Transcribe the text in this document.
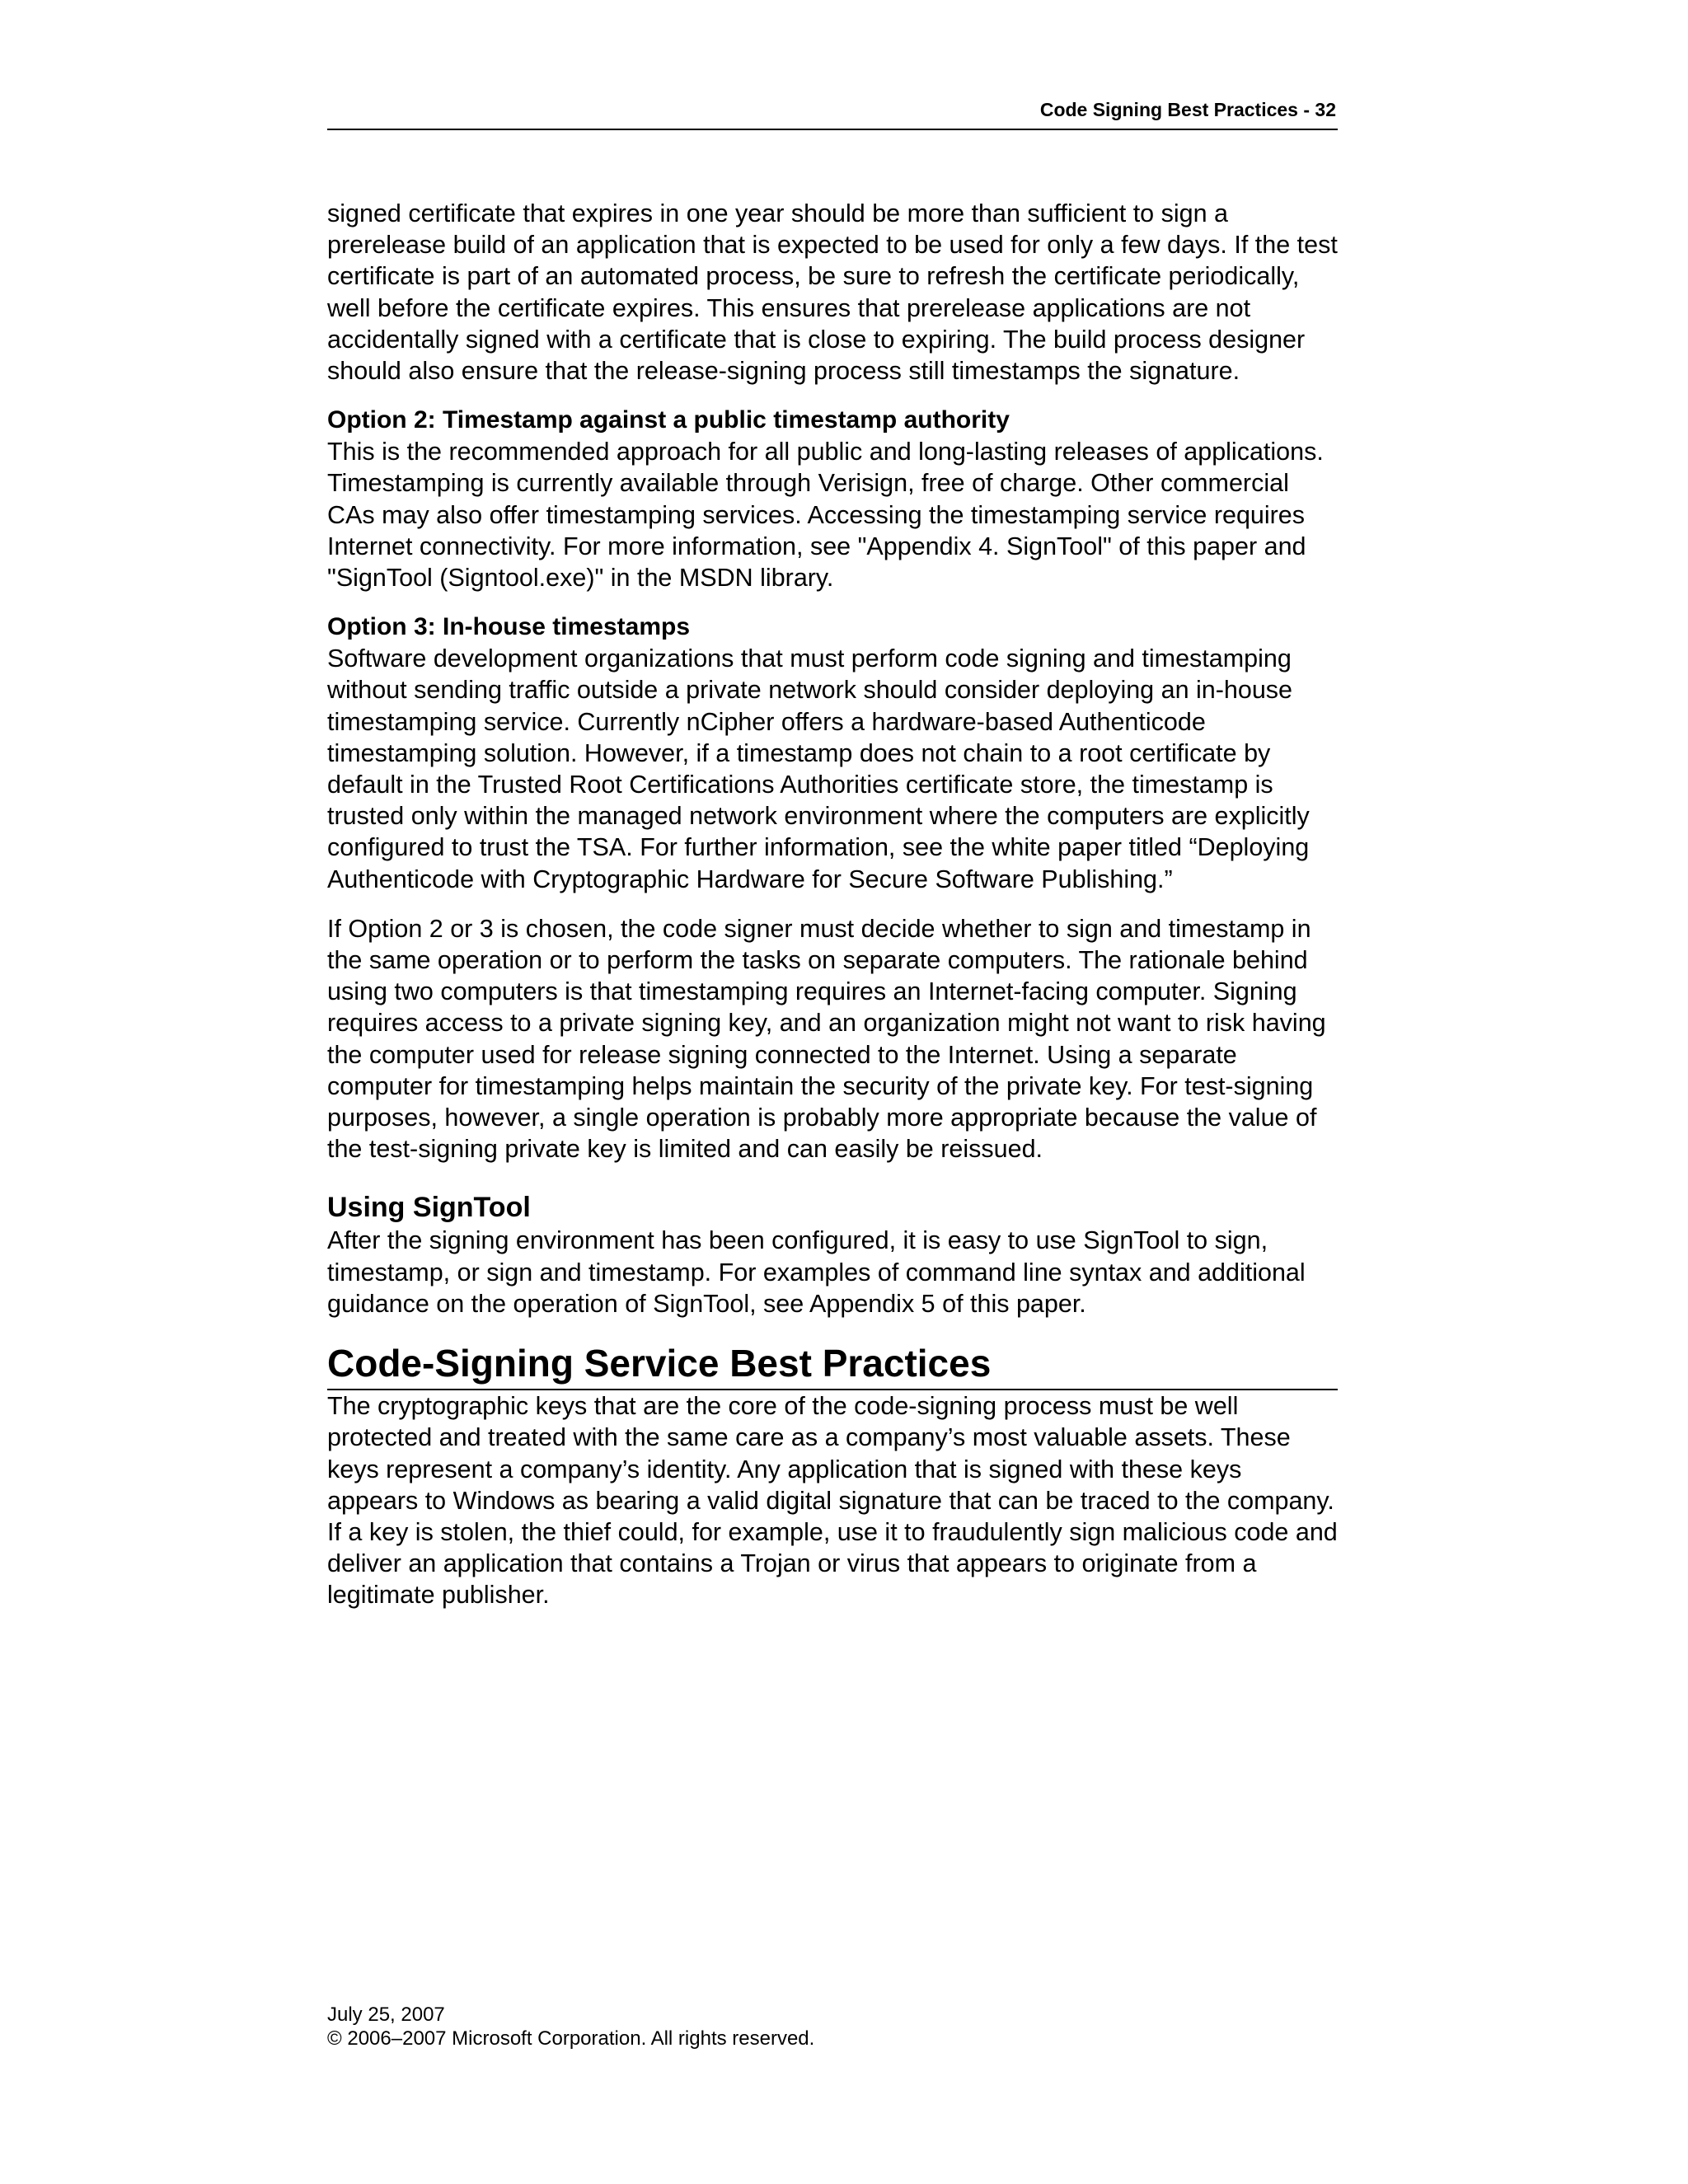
Code Signing Best Practices - 32

signed certificate that expires in one year should be more than sufficient to sign a prerelease build of an application that is expected to be used for only a few days. If the test certificate is part of an automated process, be sure to refresh the certificate periodically, well before the certificate expires. This ensures that prerelease applications are not accidentally signed with a certificate that is close to expiring. The build process designer should also ensure that the release-signing process still timestamps the signature.

Option 2: Timestamp against a public timestamp authority

This is the recommended approach for all public and long-lasting releases of applications. Timestamping is currently available through Verisign, free of charge. Other commercial CAs may also offer timestamping services. Accessing the timestamping service requires Internet connectivity. For more information, see "Appendix 4. SignTool" of this paper and "SignTool (Signtool.exe)" in the MSDN library.

Option 3: In-house timestamps

Software development organizations that must perform code signing and timestamping without sending traffic outside a private network should consider deploying an in-house timestamping service. Currently nCipher offers a hardware-based Authenticode timestamping solution. However, if a timestamp does not chain to a root certificate by default in the Trusted Root Certifications Authorities certificate store, the timestamp is trusted only within the managed network environment where the computers are explicitly configured to trust the TSA. For further information, see the white paper titled “Deploying Authenticode with Cryptographic Hardware for Secure Software Publishing.”

If Option 2 or 3 is chosen, the code signer must decide whether to sign and timestamp in the same operation or to perform the tasks on separate computers. The rationale behind using two computers is that timestamping requires an Internet-facing computer. Signing requires access to a private signing key, and an organization might not want to risk having the computer used for release signing connected to the Internet. Using a separate computer for timestamping helps maintain the security of the private key. For test-signing purposes, however, a single operation is probably more appropriate because the value of the test-signing private key is limited and can easily be reissued.

Using SignTool

After the signing environment has been configured, it is easy to use SignTool to sign, timestamp, or sign and timestamp. For examples of command line syntax and additional guidance on the operation of SignTool, see Appendix 5 of this paper.

Code-Signing Service Best Practices

The cryptographic keys that are the core of the code-signing process must be well protected and treated with the same care as a company’s most valuable assets. These keys represent a company’s identity. Any application that is signed with these keys appears to Windows as bearing a valid digital signature that can be traced to the company. If a key is stolen, the thief could, for example, use it to fraudulently sign malicious code and deliver an application that contains a Trojan or virus that appears to originate from a legitimate publisher.

July 25, 2007
© 2006–2007 Microsoft Corporation. All rights reserved.
